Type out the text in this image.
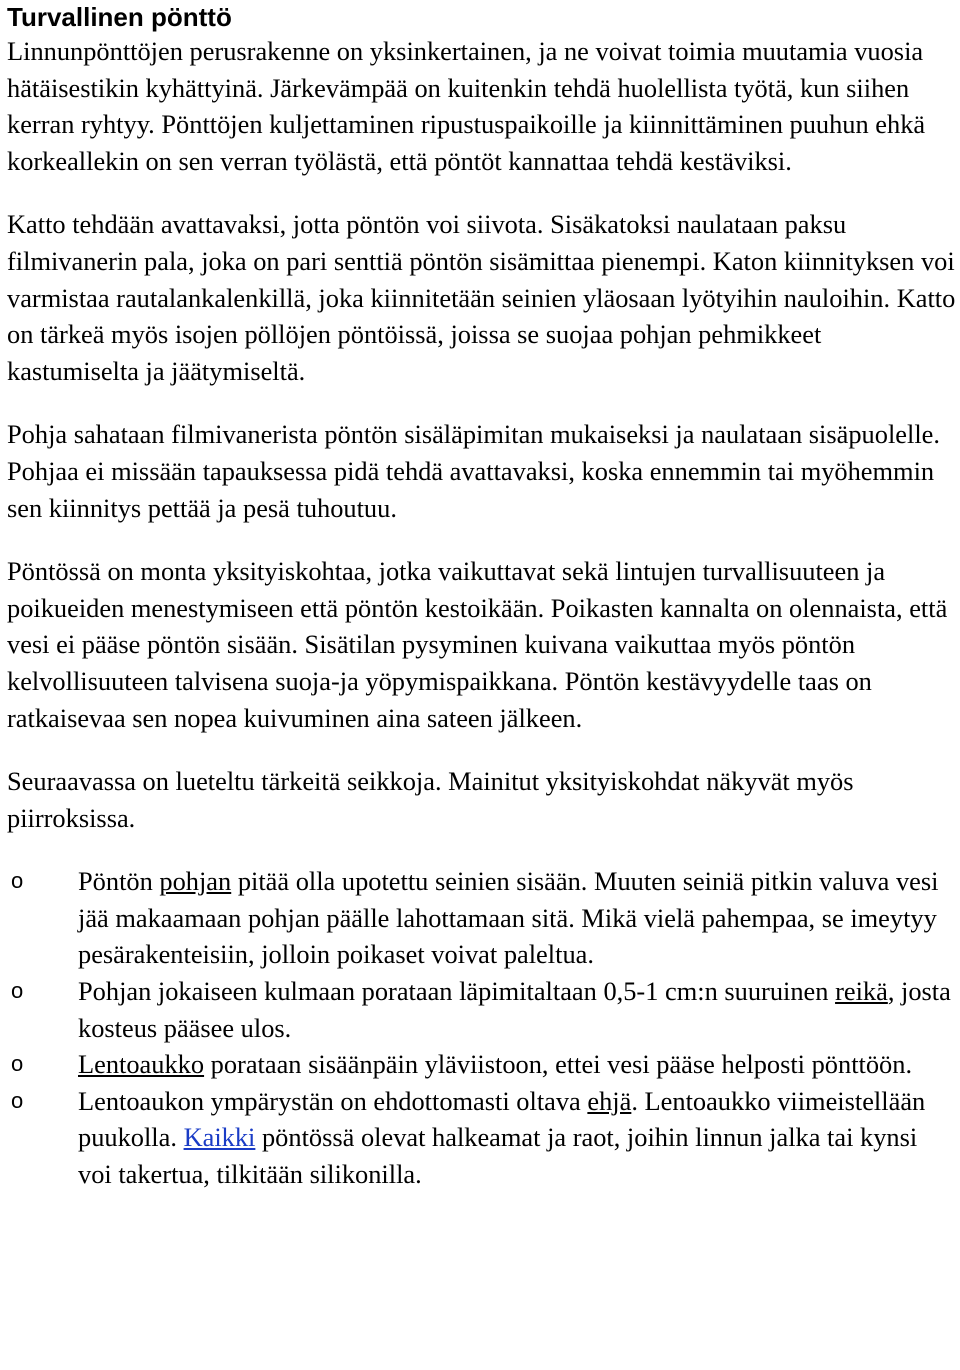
Turvallinen pönttö

Linnunpönttöjen perusrakenne on yksinkertainen, ja ne voivat toimia muutamia vuosia hätäisestikin kyhättyinä. Järkevämpää on kuitenkin tehdä huolellista työtä, kun siihen kerran ryhtyy. Pönttöjen kuljettaminen ripustuspaikoille ja kiinnittäminen puuhun ehkä korkeallekin on sen verran työlästä, että pöntöt kannattaa tehdä kestäviksi.

Katto tehdään avattavaksi, jotta pöntön voi siivota. Sisäkatoksi naulataan paksu filmivanerin pala, joka on pari senttiä pöntön sisämittaa pienempi. Katon kiinnityksen voi varmistaa rautalankalenkillä, joka kiinnitetään seinien yläosaan lyötyihin nauloihin. Katto on tärkeä myös isojen pöllöjen pöntöissä, joissa se suojaa pohjan pehmikkeet kastumiselta ja jäätymiseltä.

Pohja sahataan filmivanerista pöntön sisäläpimitan mukaiseksi ja naulataan sisäpuolelle. Pohjaa ei missään tapauksessa pidä tehdä avattavaksi, koska ennemmin tai myöhemmin sen kiinnitys pettää ja pesä tuhoutuu.

Pöntössä on monta yksityiskohtaa, jotka vaikuttavat sekä lintujen turvallisuuteen ja poikueiden menestymiseen että pöntön kestoikään. Poikasten kannalta on olennaista, että vesi ei pääse pöntön sisään. Sisätilan pysyminen kuivana vaikuttaa myös pöntön kelvollisuuteen talvisena suoja-ja yöpymispaikkana. Pöntön kestävyydelle taas on ratkaisevaa sen nopea kuivuminen aina sateen jälkeen.

Seuraavassa on lueteltu tärkeitä seikkoja. Mainitut yksityiskohdat näkyvät myös piirroksissa.

o Pöntön pohjan pitää olla upotettu seinien sisään. Muuten seiniä pitkin valuva vesi jää makaamaan pohjan päälle lahottamaan sitä. Mikä vielä pahempaa, se imeytyy pesärakenteisiin, jolloin poikaset voivat paleltua.
o Pohjan jokaiseen kulmaan porataan läpimitaltaan 0,5-1 cm:n suuruinen reikä, josta kosteus pääsee ulos.
o Lentoaukko porataan sisäänpäin yläviistoon, ettei vesi pääse helposti pönttöön.
o Lentoaukon ympärystän on ehdottomasti oltava ehjä. Lentoaukko viimeistellään puukolla. Kaikki pöntössä olevat halkeamat ja raot, joihin linnun jalka tai kynsi voi takertua, tilkitään silikonilla.
